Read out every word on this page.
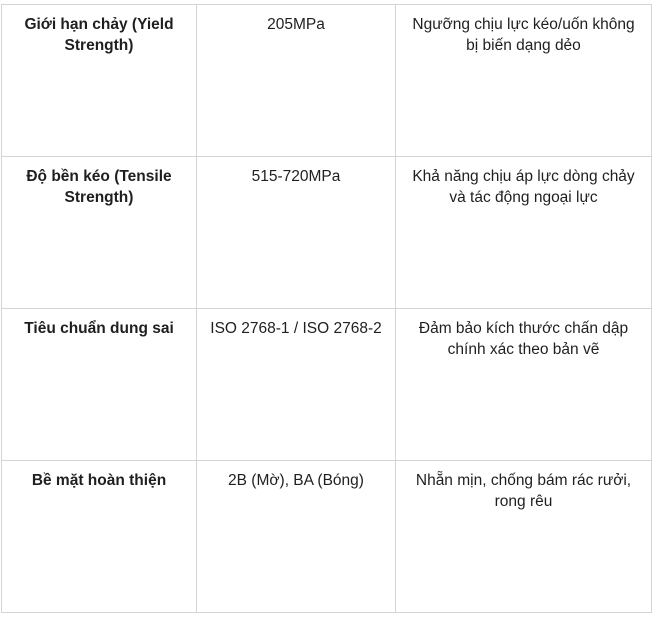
Giới hạn chảy (Yield Strength)	205MPa	Ngưỡng chịu lực kéo/uốn không bị biến dạng dẻo
Độ bền kéo (Tensile Strength)	515-720MPa	Khả năng chịu áp lực dòng chảy và tác động ngoại lực
Tiêu chuẩn dung sai	ISO 2768-1 / ISO 2768-2	Đảm bảo kích thước chấn dập chính xác theo bản vẽ
Bề mặt hoàn thiện	2B (Mờ), BA (Bóng)	Nhẵn mịn, chống bám rác rưởi, rong rêu
